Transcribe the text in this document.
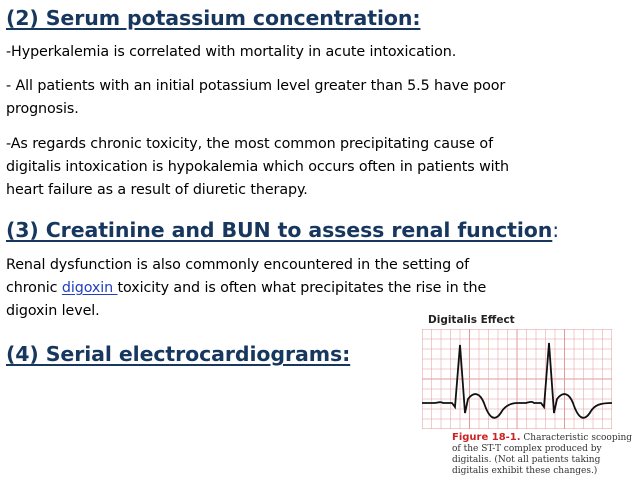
(2) Serum potassium concentration:

-Hyperkalemia is correlated with mortality in acute intoxication.

- All patients with an initial potassium level greater than 5.5 have poor

prognosis.

-As regards chronic toxicity, the most common precipitating cause of

digitalis intoxication is hypokalemia which occurs often in patients with

heart failure as a result of diuretic therapy.

(3) Creatinine and BUN to assess renal function:

Renal dysfunction is also commonly encountered in the setting of

chronic digoxin toxicity and is often what precipitates the rise in the

digoxin level.

(4) Serial electrocardiograms:

Digitalis Effect

Figure 18-1. Characteristic scooping of the ST-T complex produced by digitalis. (Not all patients taking digitalis exhibit these changes.)
